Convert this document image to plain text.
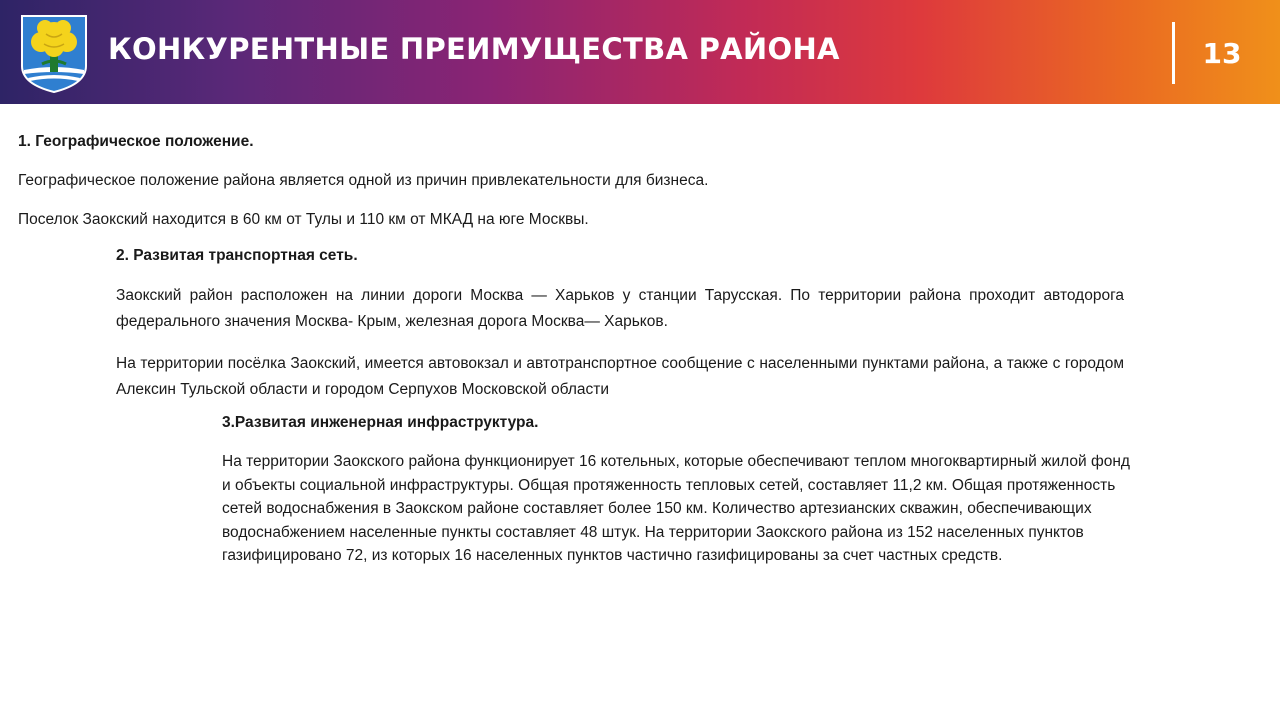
КОНКУРЕНТНЫЕ ПРЕИМУЩЕСТВА РАЙОНА	13

1. Географическое положение.

Географическое положение района является одной из причин привлекательности для бизнеса.

Поселок Заокский находится в 60 км от Тулы и 110 км от МКАД на юге Москвы.

2. Развитая транспортная сеть.

Заокский район расположен на линии дороги Москва — Харьков у станции Тарусская. По территории района проходит автодорога федерального значения Москва- Крым, железная дорога Москва— Харьков.

На территории посёлка Заокский, имеется автовокзал и автотранспортное сообщение с населенными пунктами района, а также с городом Алексин Тульской области и городом Серпухов Московской области

3.Развитая инженерная инфраструктура.

На территории Заокского района функционирует 16 котельных, которые обеспечивают теплом многоквартирный жилой фонд и объекты социальной инфраструктуры. Общая протяженность тепловых сетей, составляет 11,2 км. Общая протяженность сетей водоснабжения в Заокском районе составляет более 150 км. Количество артезианских скважин, обеспечивающих водоснабжением населенные пункты составляет 48 штук. На территории Заокского района из 152 населенных пунктов газифицировано 72, из которых 16 населенных пунктов частично газифицированы за счет частных средств.
